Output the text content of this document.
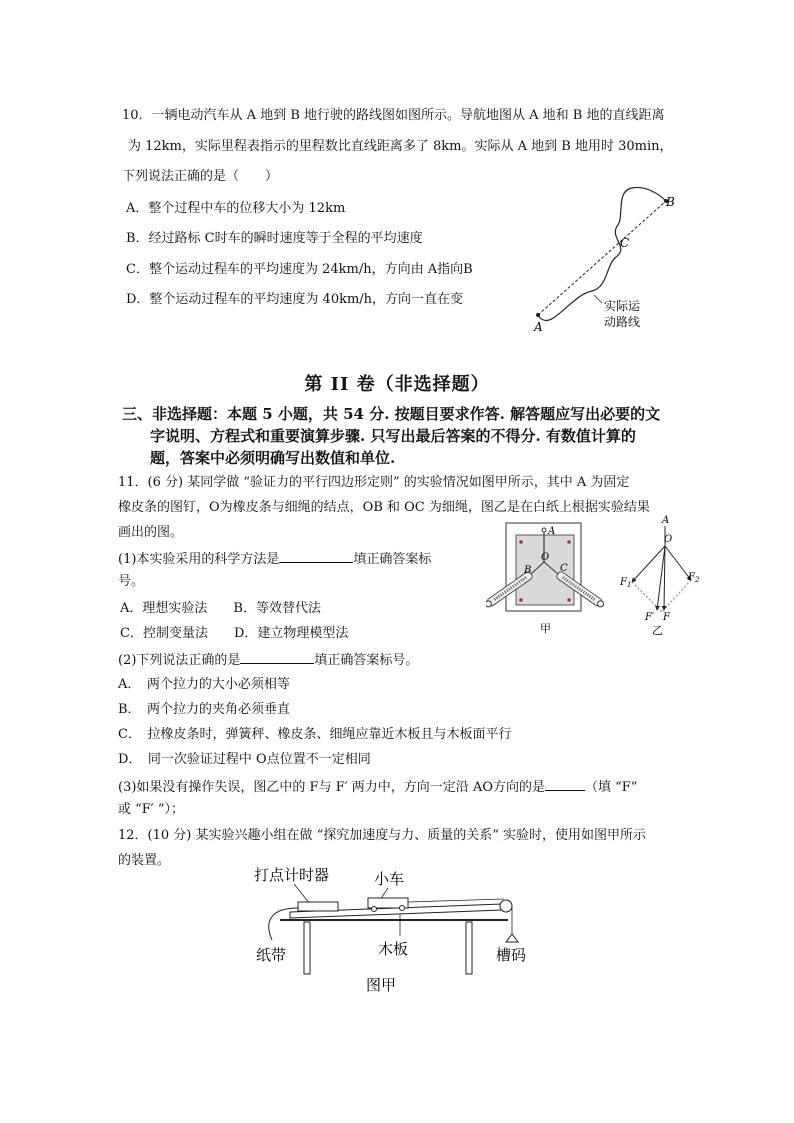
10．一辆电动汽车从 A 地到 B 地行驶的路线图如图所示。导航地图从 A 地和 B 地的直线距离
为 12km，实际里程表指示的里程数比直线距离多了 8km。实际从 A 地到 B 地用时 30min，
下列说法正确的是（　　）
A．整个过程中车的位移大小为 12km
B．经过路标 C时车的瞬时速度等于全程的平均速度
C．整个运动过程车的平均速度为 24km/h，方向由 A指向B
D．整个运动过程车的平均速度为 40km/h，方向一直在变
A
B
C
实际运
动路线
第 II 卷（非选择题）
三、非选择题：本题 5 小题，共 54 分. 按题目要求作答. 解答题应写出必要的文
字说明、方程式和重要演算步骤. 只写出最后答案的不得分. 有数值计算的
题，答案中必须明确写出数值和单位.
11．(6 分) 某同学做 “验证力的平行四边形定则” 的实验情况如图甲所示，其中 A 为固定
橡皮条的图钉，O为橡皮条与细绳的结点，OB 和 OC 为细绳，图乙是在白纸上根据实验结果
画出的图。
(1)本实验采用的科学方法是	填正确答案标
号。
A．理想实验法　　B．等效替代法
C．控制变量法　　D．建立物理模型法
(2)下列说法正确的是	填正确答案标号。
A．　两个拉力的大小必须相等
B．　两个拉力的夹角必须垂直
C．　拉橡皮条时，弹簧秤、橡皮条、细绳应靠近木板且与木板面平行
D．　同一次验证过程中 O点位置不一定相同
(3)如果没有操作失误，图乙中的 F与 F′ 两力中，方向一定沿 AO方向的是	（填 “F”
或 “F′ ”）；
A
O
B	C
甲
A
O
$F_1$
$F_2$
F′ F
乙
12．(10 分) 某实验兴趣小组在做 “探究加速度与力、质量的关系” 实验时，使用如图甲所示
的装置。
打点计时器	小车
纸带	木板	槽码
图甲
